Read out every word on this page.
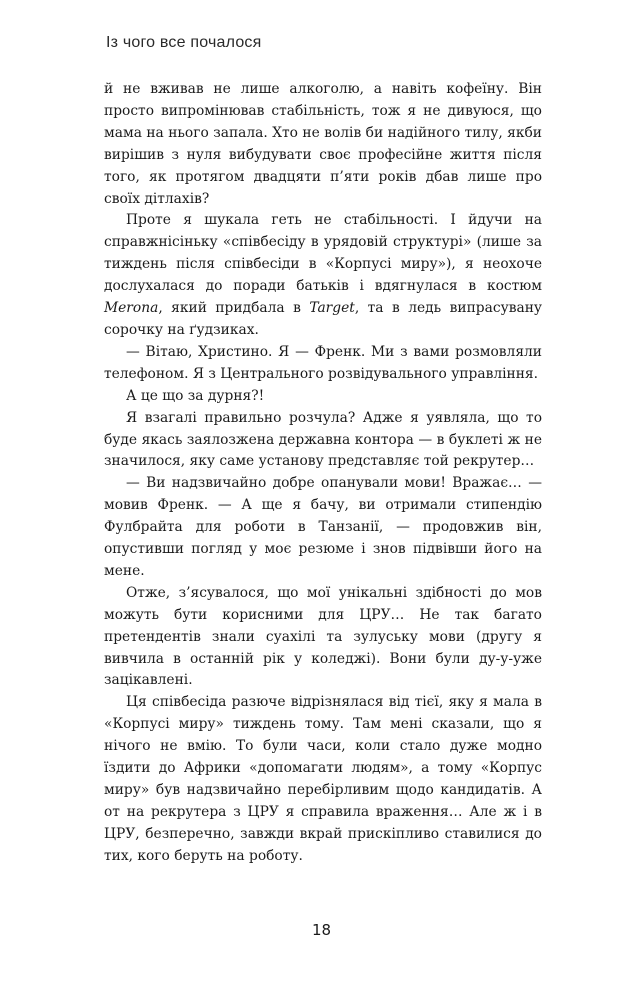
Із чого все почалося

й не вживав не лише алкоголю, а навіть кофеїну. Він просто випромінював стабільність, тож я не дивуюся, що мама на нього запала. Хто не волів би надійного тилу, якби вирішив з нуля вибудувати своє професійне життя після того, як протягом двадцяти п’яти років дбав лише про своїх дітлахів?

Проте я шукала геть не стабільності. І йдучи на справжнісіньку «співбесіду в урядовій структурі» (лише за тиждень після співбесіди в «Корпусі миру»), я неохоче дослухалася до поради батьків і вдягнулася в костюм Merona, який придбала в Target, та в ледь випрасувану сорочку на ґудзиках.

— Вітаю, Христино. Я — Френк. Ми з вами розмовляли телефоном. Я з Центрального розвідувального управління.

А це що за дурня?!

Я взагалі правильно розчула? Адже я уявляла, що то буде якась заялозжена державна контора — в буклеті ж не значилося, яку саме установу представляє той рекрутер…

— Ви надзвичайно добре опанували мови! Вражає… — мовив Френк. — А ще я бачу, ви отримали стипендію Фулбрайта для роботи в Танзанії, — продовжив він, опустивши погляд у моє резюме і знов підвівши його на мене.

Отже, з’ясувалося, що мої унікальні здібності до мов можуть бути корисними для ЦРУ… Не так багато претендентів знали суахілі та зулуську мови (другу я вивчила в останній рік у коледжі). Вони були ду-у-уже зацікавлені.

Ця співбесіда разюче відрізнялася від тієї, яку я мала в «Корпусі миру» тиждень тому. Там мені сказали, що я нічого не вмію. То були часи, коли стало дуже модно їздити до Африки «допомагати людям», а тому «Корпус миру» був надзвичайно перебірливим щодо кандидатів. А от на рекрутера з ЦРУ я справила враження… Але ж і в ЦРУ, безперечно, завжди вкрай прискіпливо ставилися до тих, кого беруть на роботу.

18
